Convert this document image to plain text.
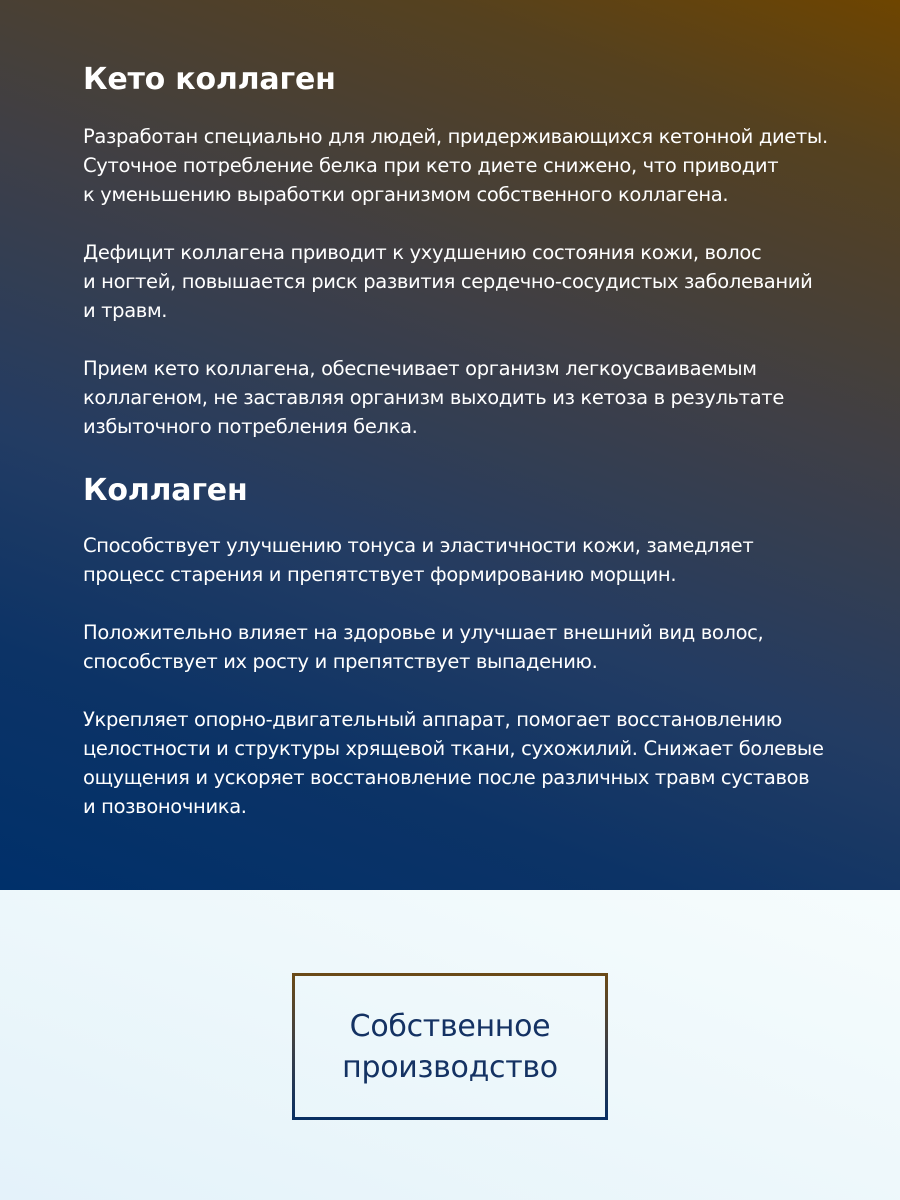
Кето коллаген

Разработан специально для людей, придерживающихся кетонной диеты.
Суточное потребление белка при кето диете снижено, что приводит
к уменьшению выработки организмом собственного коллагена.

Дефицит коллагена приводит к ухудшению состояния кожи, волос
и ногтей, повышается риск развития сердечно-сосудистых заболеваний
и травм.

Прием кето коллагена, обеспечивает организм легкоусваиваемым
коллагеном, не заставляя организм выходить из кетоза в результате
избыточного потребления белка.

Коллаген

Способствует улучшению тонуса и эластичности кожи, замедляет
процесс старения и препятствует формированию морщин.

Положительно влияет на здоровье и улучшает внешний вид волос,
способствует их росту и препятствует выпадению.

Укрепляет опорно-двигательный аппарат, помогает восстановлению
целостности и структуры хрящевой ткани, сухожилий. Снижает болевые
ощущения и ускоряет восстановление после различных травм суставов
и позвоночника.

Собственное
производство
